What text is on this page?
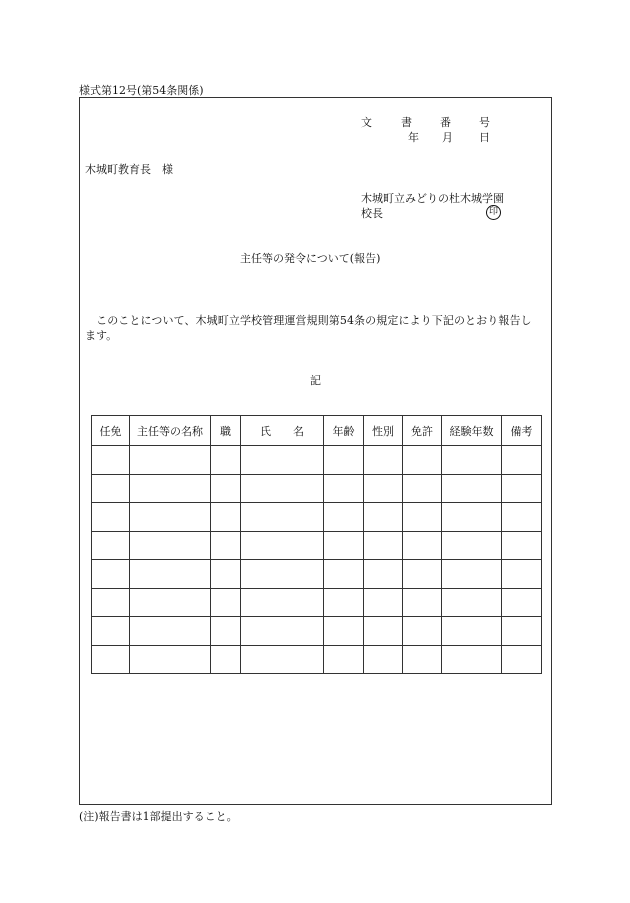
様式第12号(第54条関係)
文	書	番	号
年 月 日
木城町教育長　様
木城町立みどりの杜木城学園
校長	印
主任等の発令について(報告)
　このことについて、木城町立学校管理運営規則第54条の規定により下記のとおり報告し
ます。
記
任免	主任等の名称	職	氏　　名	年齢	性別	免許	経験年数	備考

(注)報告書は1部提出すること。
